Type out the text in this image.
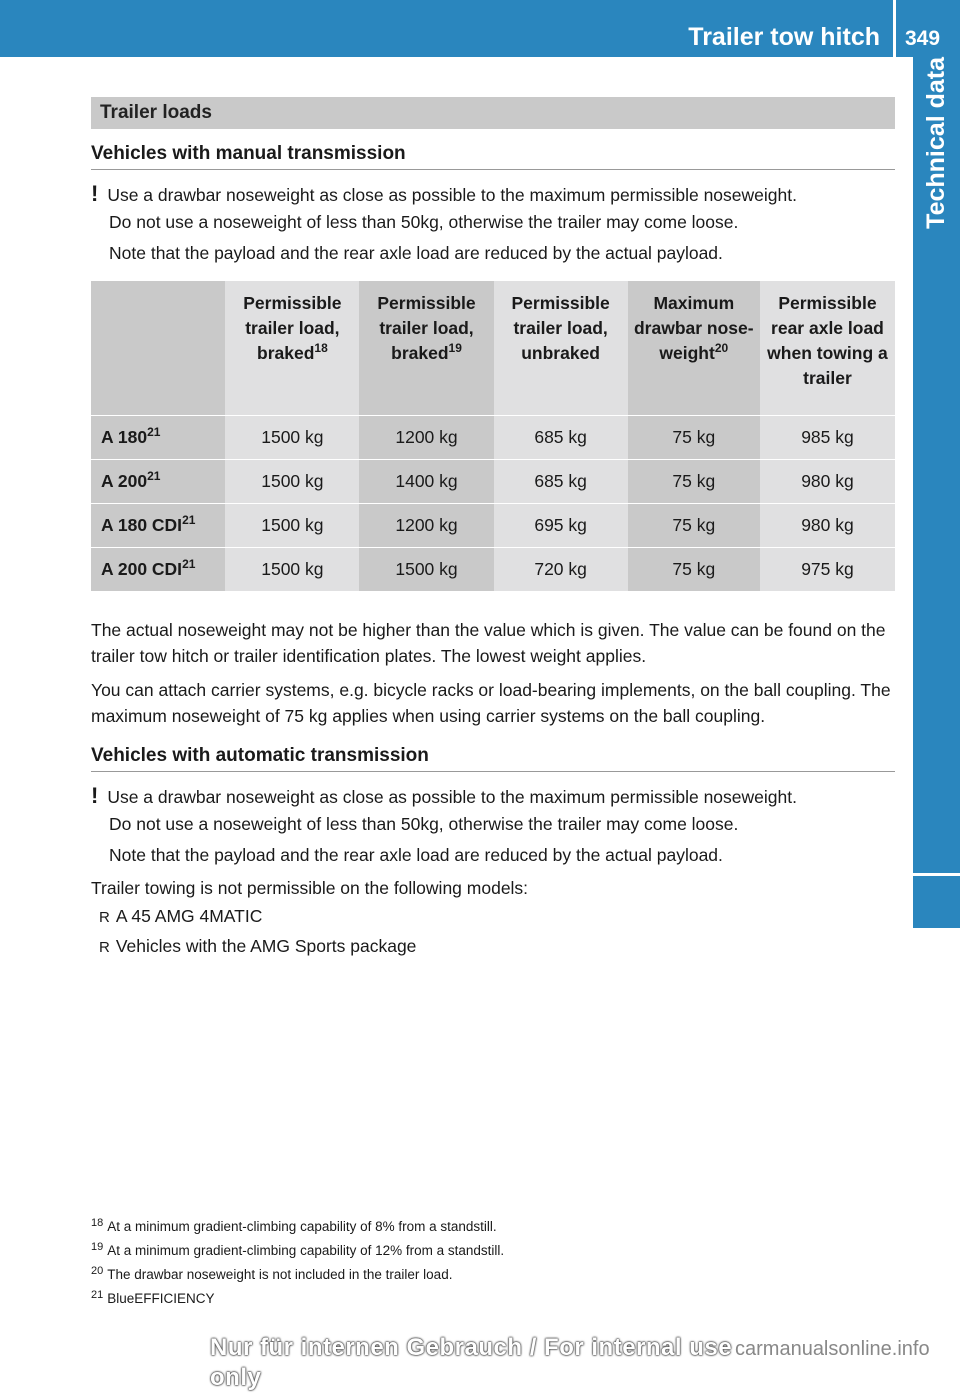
Trailer tow hitch 349
Technical data
Trailer loads
Vehicles with manual transmission
! Use a drawbar noseweight as close as possible to the maximum permissible noseweight.
Do not use a noseweight of less than 50kg, otherwise the trailer may come loose.
Note that the payload and the rear axle load are reduced by the actual payload.
	Permissible trailer load, braked$^{18}$	Permissible trailer load, braked$^{19}$	Permissible trailer load, unbraked	Maximum drawbar nose-weight$^{20}$	Permissible rear axle load when towing a trailer
A $180^{21}$	1500 kg	1200 kg	685 kg	75 kg	985 kg
A $200^{21}$	1500 kg	1400 kg	685 kg	75 kg	980 kg
A 180 CDI$^{21}$	1500 kg	1200 kg	695 kg	75 kg	980 kg
A 200 CDI$^{21}$	1500 kg	1500 kg	720 kg	75 kg	975 kg
The actual noseweight may not be higher than the value which is given. The value can be found on the trailer tow hitch or trailer identification plates. The lowest weight applies.
You can attach carrier systems, e.g. bicycle racks or load-bearing implements, on the ball coupling. The maximum noseweight of 75 kg applies when using carrier systems on the ball coupling.
Vehicles with automatic transmission
! Use a drawbar noseweight as close as possible to the maximum permissible noseweight.
Do not use a noseweight of less than 50kg, otherwise the trailer may come loose.
Note that the payload and the rear axle load are reduced by the actual payload.
Trailer towing is not permissible on the following models:
R A 45 AMG 4MATIC
R Vehicles with the AMG Sports package
$^{18}$ At a minimum gradient-climbing capability of 8% from a standstill.
$^{19}$ At a minimum gradient-climbing capability of 12% from a standstill.
$^{20}$ The drawbar noseweight is not included in the trailer load.
$^{21}$ BlueEFFICIENCY
Nur für internen Gebrauch / For internal use only
carmanualsonline.info
